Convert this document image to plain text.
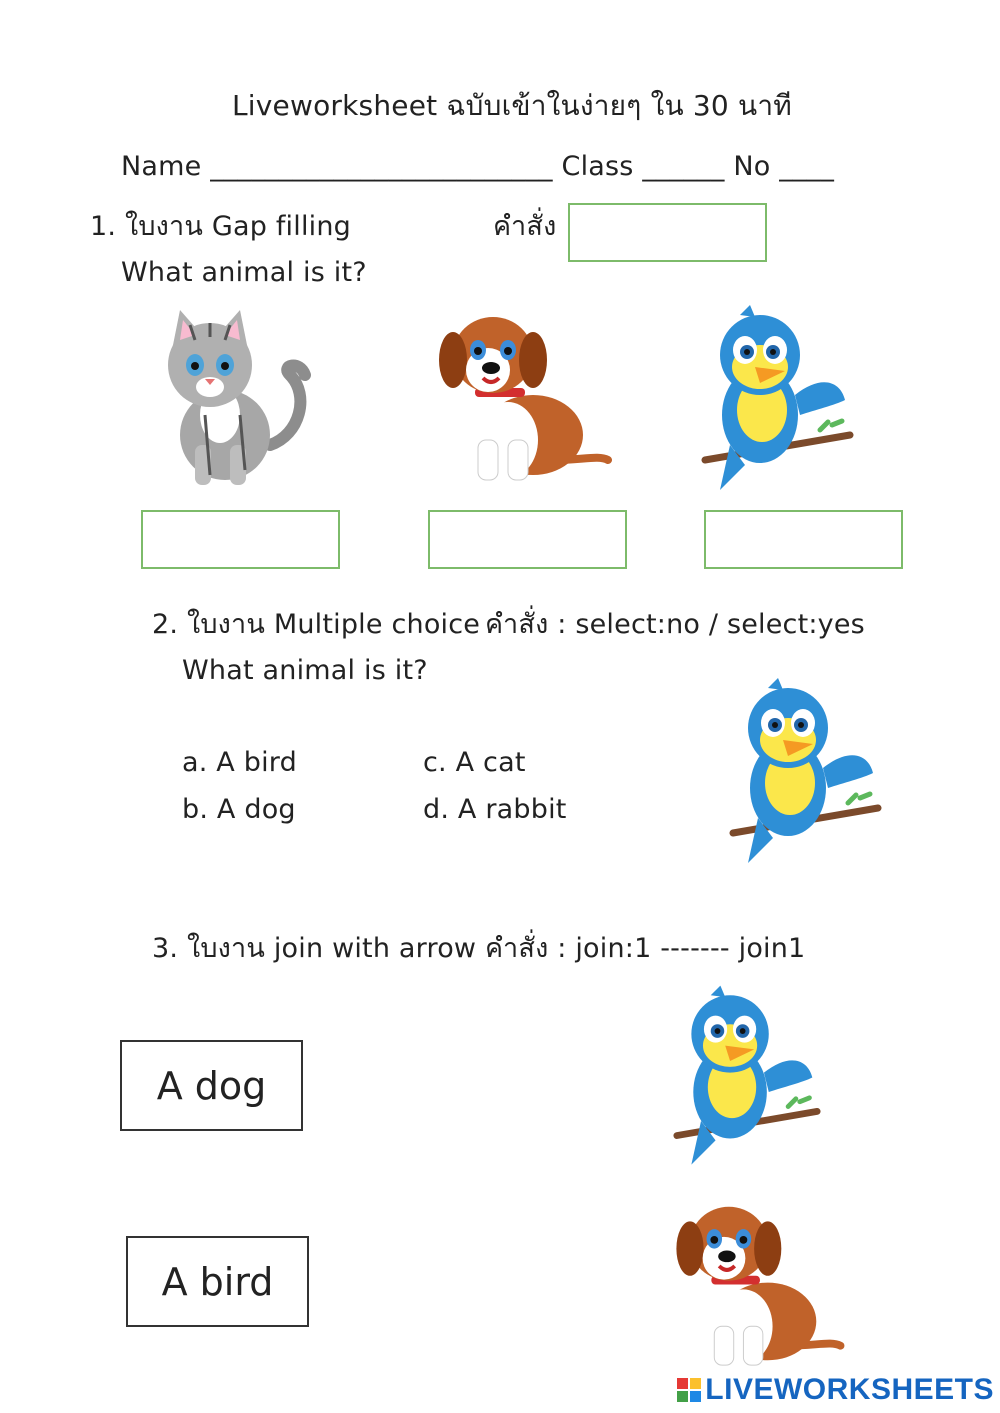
Liveworksheet ฉบับเข้าในง่ายๆ ใน 30 นาที
Name _________________________ Class ______ No ____
1. ใบงาน Gap filling	คำสั่ง
What animal is it?
2. ใบงาน Multiple choice คำสั่ง : select:no / select:yes
What animal is it?
a. A bird
b. A dog
c. A cat
d. A rabbit
3. ใบงาน join with arrow คำสั่ง : join:1 ------- join1
A dog
A bird
LIVEWORKSHEETS
